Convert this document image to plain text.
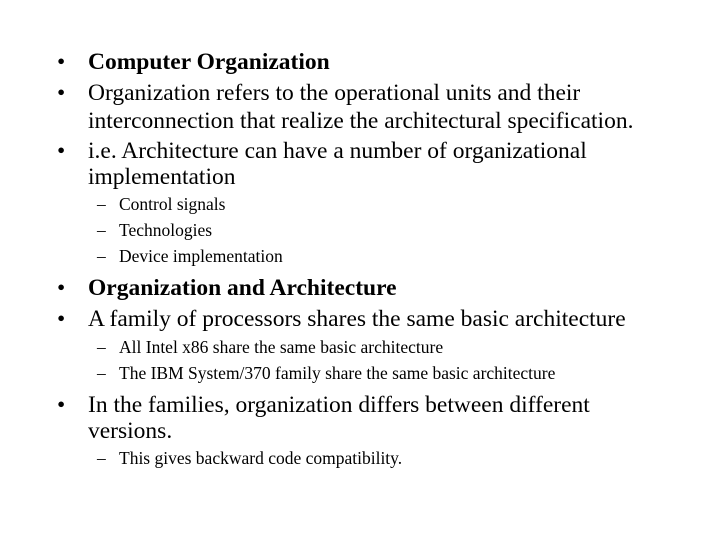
• Computer Organization
• Organization refers to the operational units and their
interconnection that realize the architectural specification.
• i.e. Architecture can have a number of organizational
implementation
– Control signals
– Technologies
– Device implementation
• Organization and Architecture
• A family of processors shares the same basic architecture
– All Intel x86 share the same basic architecture
– The IBM System/370 family share the same basic architecture
• In the families, organization differs between different
versions.
– This gives backward code compatibility.
